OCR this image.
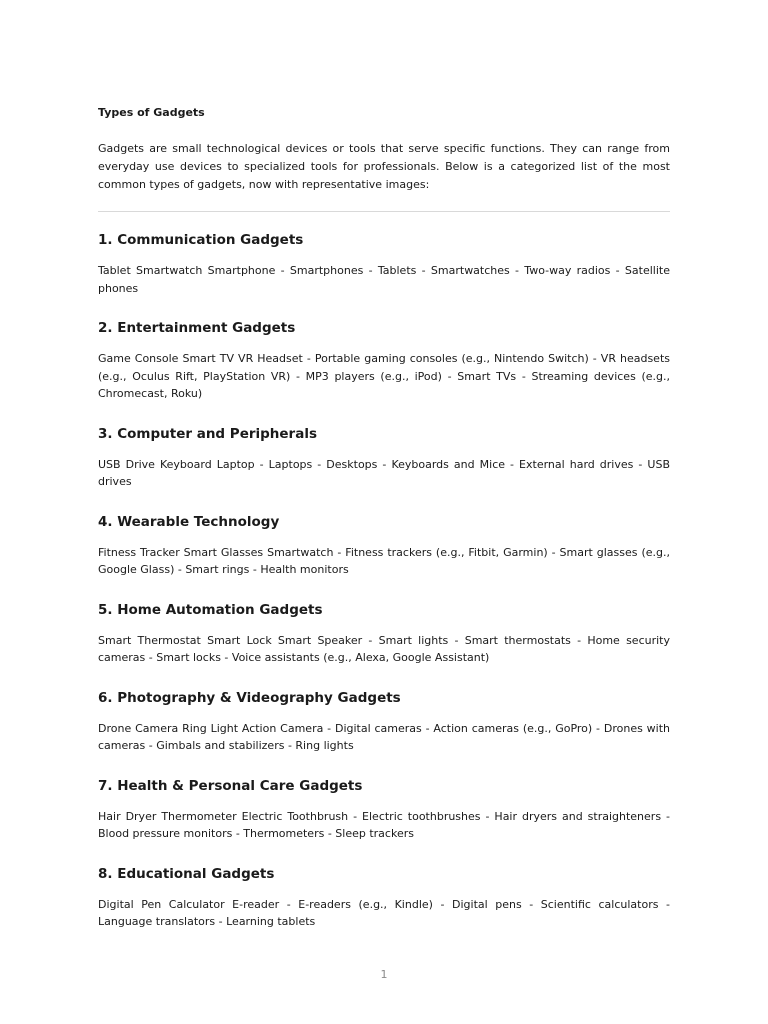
Types of Gadgets

Gadgets are small technological devices or tools that serve specific functions. They can range from everyday use devices to specialized tools for professionals. Below is a categorized list of the most common types of gadgets, now with representative images:

1. Communication Gadgets

Tablet Smartwatch Smartphone - Smartphones - Tablets - Smartwatches - Two-way radios - Satellite phones

2. Entertainment Gadgets

Game Console Smart TV VR Headset - Portable gaming consoles (e.g., Nintendo Switch) - VR headsets (e.g., Oculus Rift, PlayStation VR) - MP3 players (e.g., iPod) - Smart TVs - Streaming devices (e.g., Chromecast, Roku)

3. Computer and Peripherals

USB Drive Keyboard Laptop - Laptops - Desktops - Keyboards and Mice - External hard drives - USB drives

4. Wearable Technology

Fitness Tracker Smart Glasses Smartwatch - Fitness trackers (e.g., Fitbit, Garmin) - Smart glasses (e.g., Google Glass) - Smart rings - Health monitors

5. Home Automation Gadgets

Smart Thermostat Smart Lock Smart Speaker - Smart lights - Smart thermostats - Home security cameras - Smart locks - Voice assistants (e.g., Alexa, Google Assistant)

6. Photography & Videography Gadgets

Drone Camera Ring Light Action Camera - Digital cameras - Action cameras (e.g., GoPro) - Drones with cameras - Gimbals and stabilizers - Ring lights

7. Health & Personal Care Gadgets

Hair Dryer Thermometer Electric Toothbrush - Electric toothbrushes - Hair dryers and straighteners - Blood pressure monitors - Thermometers - Sleep trackers

8. Educational Gadgets

Digital Pen Calculator E-reader - E-readers (e.g., Kindle) - Digital pens - Scientific calculators - Language translators - Learning tablets

1
